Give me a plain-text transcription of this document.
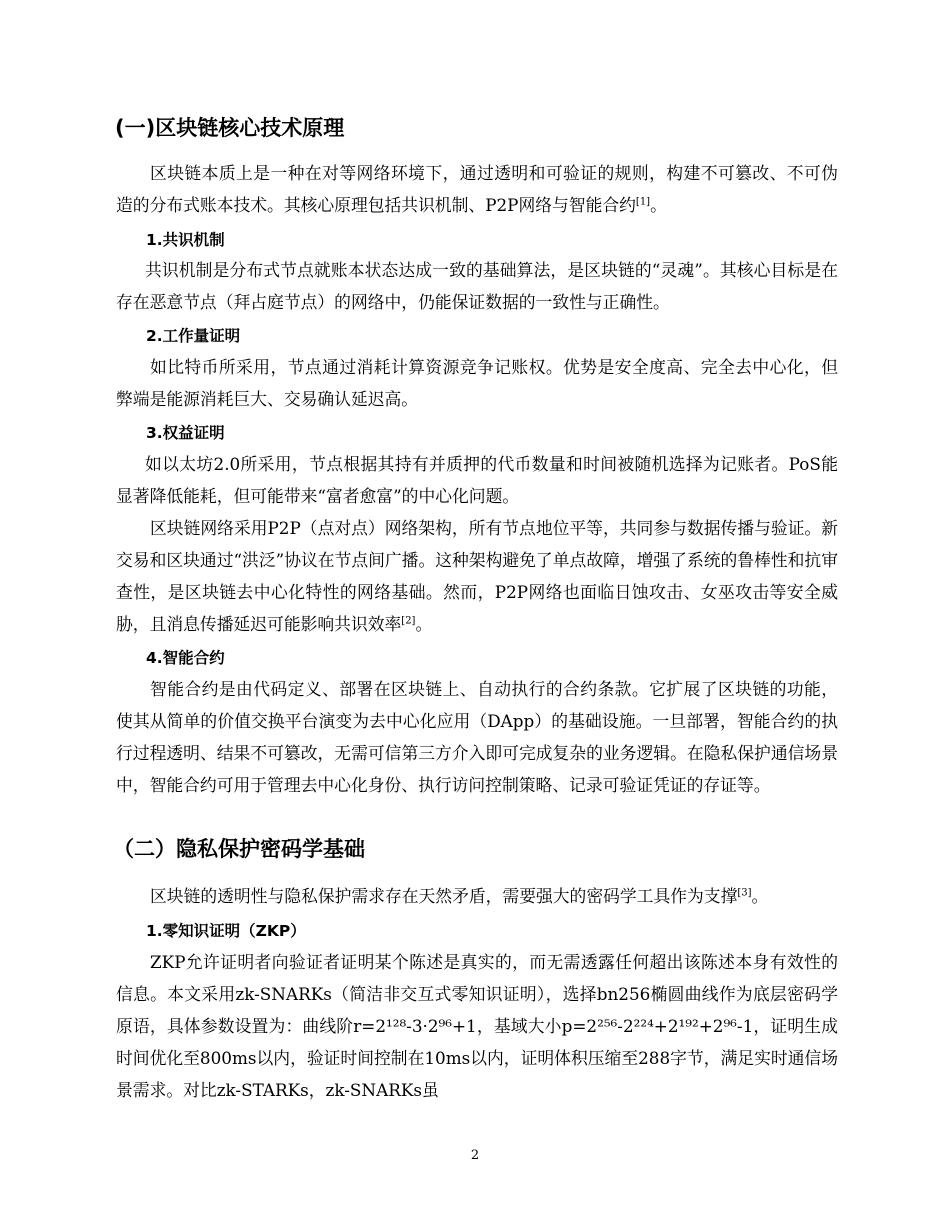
(一)区块链核心技术原理

区块链本质上是一种在对等网络环境下，通过透明和可验证的规则，构建不可篡改、不可伪造的分布式账本技术。其核心原理包括共识机制、P2P网络与智能合约[1]。

1.共识机制

共识机制是分布式节点就账本状态达成一致的基础算法，是区块链的“灵魂”。其核心目标是在存在恶意节点（拜占庭节点）的网络中，仍能保证数据的一致性与正确性。

2.工作量证明

如比特币所采用，节点通过消耗计算资源竞争记账权。优势是安全度高、完全去中心化，但弊端是能源消耗巨大、交易确认延迟高。

3.权益证明

如以太坊2.0所采用，节点根据其持有并质押的代币数量和时间被随机选择为记账者。PoS能显著降低能耗，但可能带来“富者愈富”的中心化问题。

区块链网络采用P2P（点对点）网络架构，所有节点地位平等，共同参与数据传播与验证。新交易和区块通过“洪泛”协议在节点间广播。这种架构避免了单点故障，增强了系统的鲁棒性和抗审查性，是区块链去中心化特性的网络基础。然而，P2P网络也面临日蚀攻击、女巫攻击等安全威胁，且消息传播延迟可能影响共识效率[2]。

4.智能合约

智能合约是由代码定义、部署在区块链上、自动执行的合约条款。它扩展了区块链的功能，使其从简单的价值交换平台演变为去中心化应用（DApp）的基础设施。一旦部署，智能合约的执行过程透明、结果不可篡改，无需可信第三方介入即可完成复杂的业务逻辑。在隐私保护通信场景中，智能合约可用于管理去中心化身份、执行访问控制策略、记录可验证凭证的存证等。

（二）隐私保护密码学基础

区块链的透明性与隐私保护需求存在天然矛盾，需要强大的密码学工具作为支撑[3]。

1.零知识证明（ZKP）

ZKP允许证明者向验证者证明某个陈述是真实的，而无需透露任何超出该陈述本身有效性的信息。本文采用zk-SNARKs（简洁非交互式零知识证明），选择bn256椭圆曲线作为底层密码学原语，具体参数设置为：曲线阶r=2¹²⁸-3·2⁹⁶+1，基域大小p=2²⁵⁶-2²²⁴+2¹⁹²+2⁹⁶-1，证明生成时间优化至800ms以内，验证时间控制在10ms以内，证明体积压缩至288字节，满足实时通信场景需求。对比zk-STARKs，zk-SNARKs虽

2
